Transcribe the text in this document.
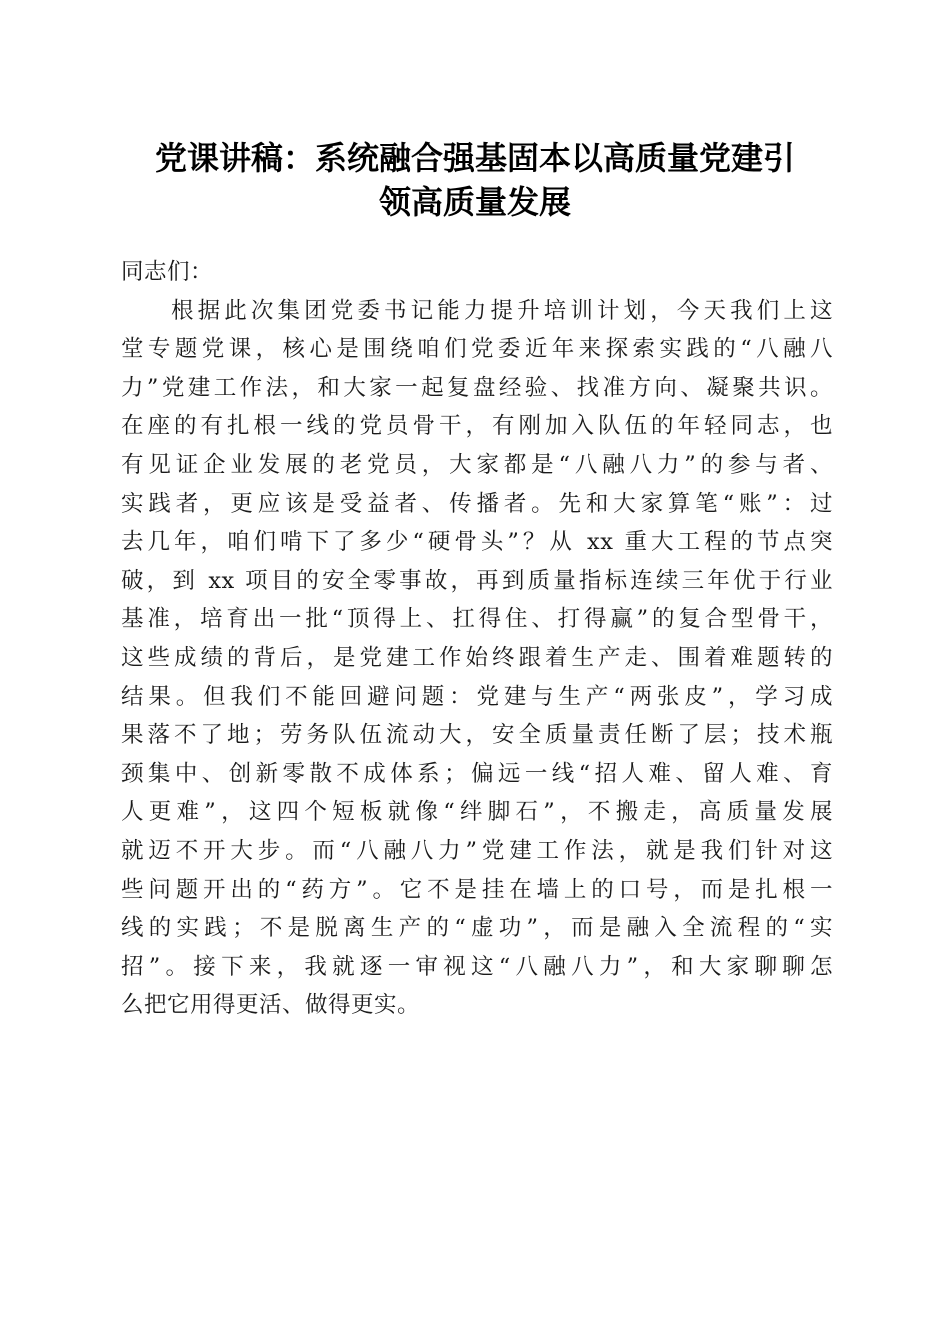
党课讲稿：系统融合强基固本以高质量党建引
领高质量发展
同志们：
根据此次集团党委书记能力提升培训计划，今天我们上这
堂专题党课，核心是围绕咱们党委近年来探索实践的“八融八
力”党建工作法，和大家一起复盘经验、找准方向、凝聚共识。
在座的有扎根一线的党员骨干，有刚加入队伍的年轻同志，也
有见证企业发展的老党员，大家都是“八融八力”的参与者、
实践者，更应该是受益者、传播者。先和大家算笔“账”：过
去几年，咱们啃下了多少“硬骨头”？从 xx 重大工程的节点突
破，到 xx 项目的安全零事故，再到质量指标连续三年优于行业
基准，培育出一批“顶得上、扛得住、打得赢”的复合型骨干，
这些成绩的背后，是党建工作始终跟着生产走、围着难题转的
结果。但我们不能回避问题：党建与生产“两张皮”，学习成
果落不了地；劳务队伍流动大，安全质量责任断了层；技术瓶
颈集中、创新零散不成体系；偏远一线“招人难、留人难、育
人更难”，这四个短板就像“绊脚石”，不搬走，高质量发展
就迈不开大步。而“八融八力”党建工作法，就是我们针对这
些问题开出的“药方”。它不是挂在墙上的口号，而是扎根一
线的实践；不是脱离生产的“虚功”，而是融入全流程的“实
招”。接下来，我就逐一审视这“八融八力”，和大家聊聊怎
么把它用得更活、做得更实。
